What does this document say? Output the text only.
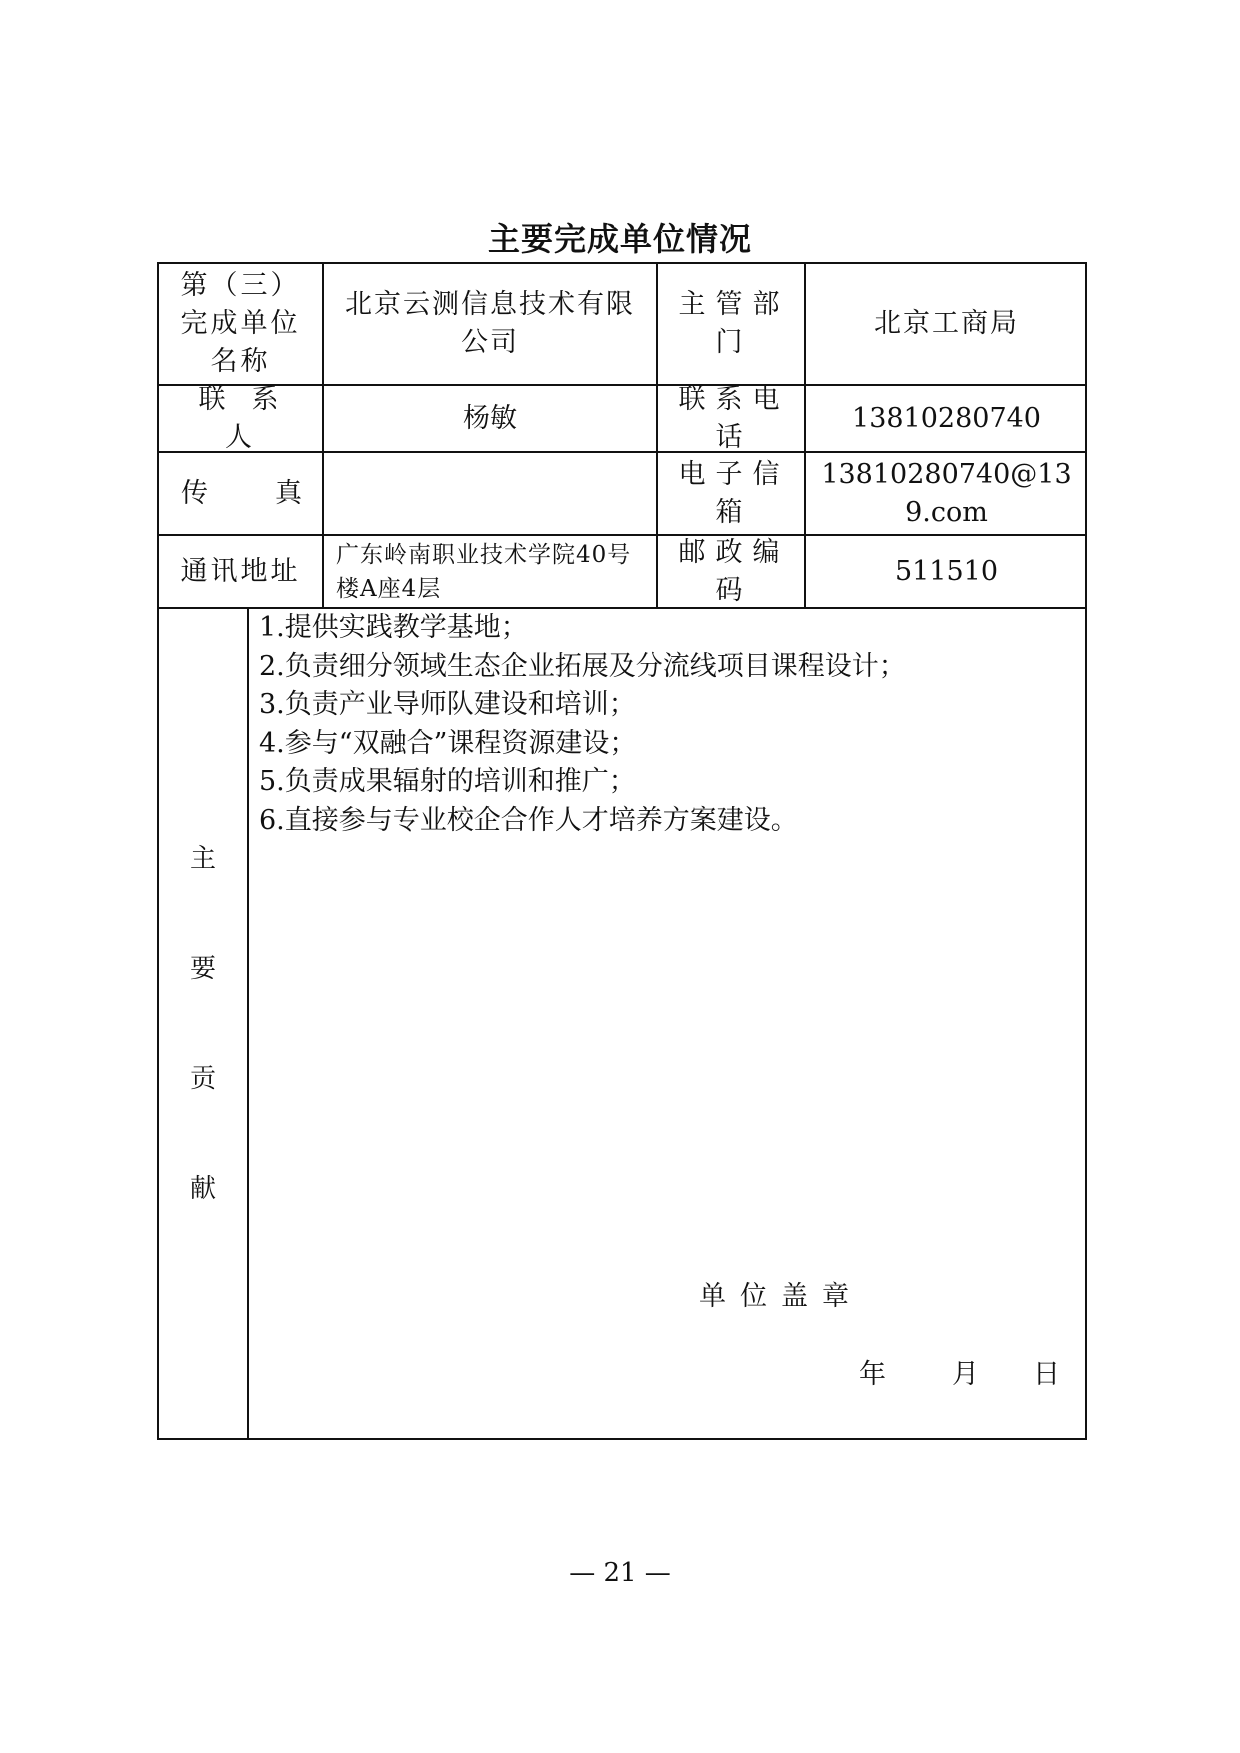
主要完成单位情况
第（三）完成单位名称
北京云测信息技术有限公司
主管部门
北京工商局
联系人
杨敏
联系电话
13810280740
传 真
电子信箱
13810280740@139.com
通讯地址
广东岭南职业技术学院40号楼A座4层
邮政编码
511510
主
要
贡
献
1.提供实践教学基地；
2.负责细分领域生态企业拓展及分流线项目课程设计；
3.负责产业导师队建设和培训；
4.参与“双融合”课程资源建设；
5.负责成果辐射的培训和推广；
6.直接参与专业校企合作人才培养方案建设。
单位盖章
年 月 日
— 21 —
